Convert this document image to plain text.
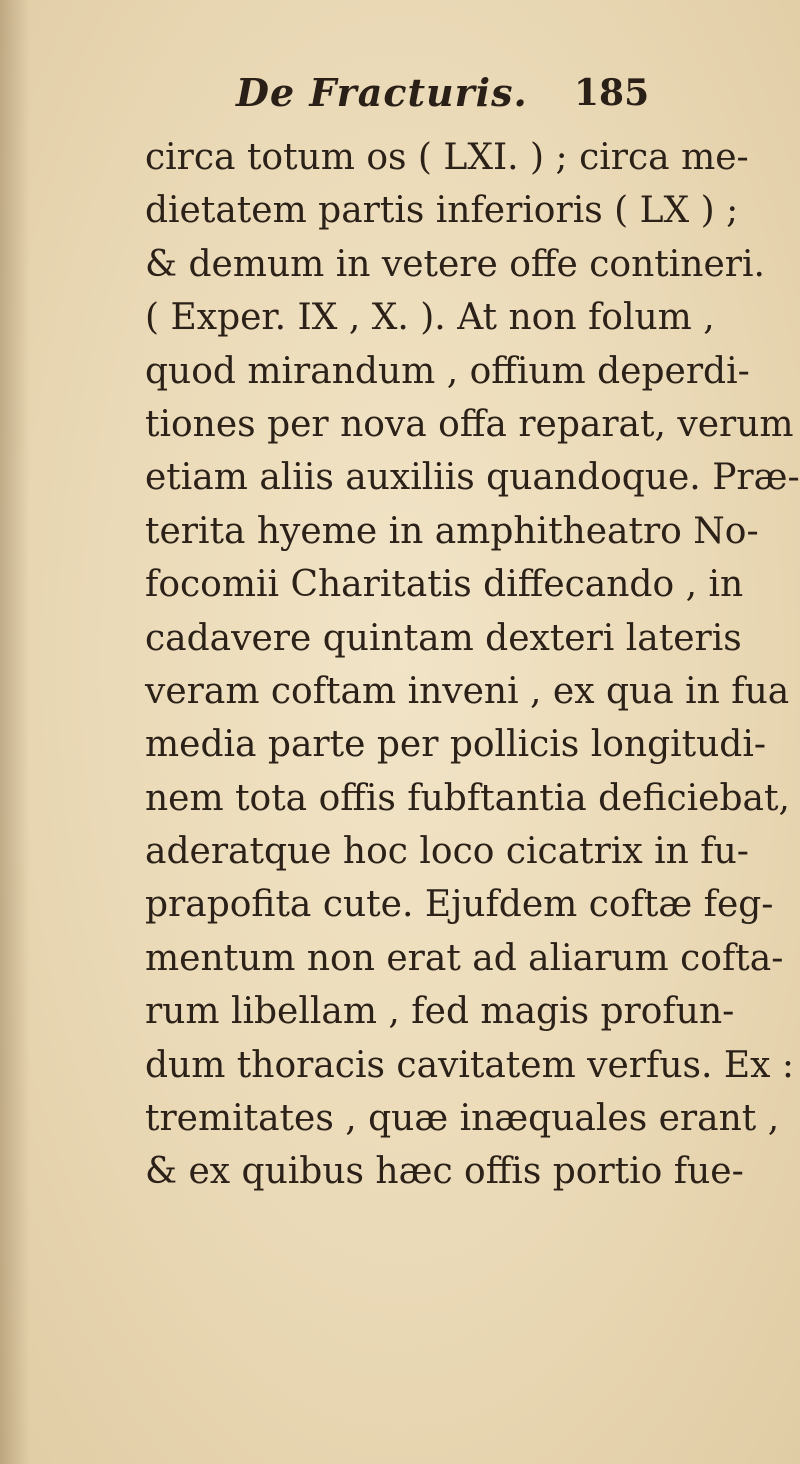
De Fracturis. 185
circa totum os ( LXI. ) ; circa me-
dietatem partis inferioris ( LX ) ;
& demum in vetere offe contineri.
( Exper. IX , X. ). At non folum ,
quod mirandum , offium deperdi-
tiones per nova offa reparat, verum
etiam aliis auxiliis quandoque. Præ-
terita hyeme in amphitheatro No-
focomii Charitatis diffecando , in
cadavere quintam dexteri lateris
veram coftam inveni , ex qua in fua
media parte per pollicis longitudi-
nem tota offis fubftantia deficiebat,
aderatque hoc loco cicatrix in fu-
prapofita cute. Ejufdem coftæ feg-
mentum non erat ad aliarum cofta-
rum libellam , fed magis profun-
dum thoracis cavitatem verfus. Ex :
tremitates , quæ inæquales erant ,
& ex quibus hæc offis portio fue-
